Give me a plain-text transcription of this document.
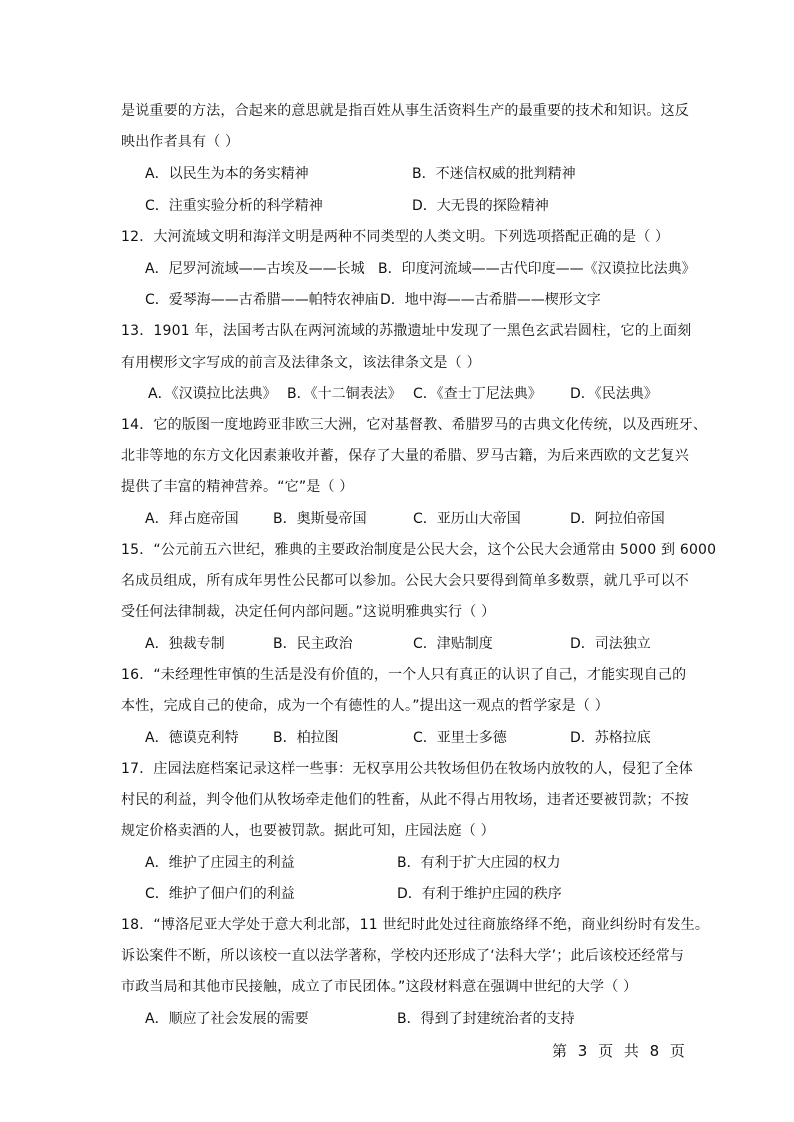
是说重要的方法，合起来的意思就是指百姓从事生活资料生产的最重要的技术和知识。这反
映出作者具有（ ）
A．以民生为本的务实精神	B．不迷信权威的批判精神
C．注重实验分析的科学精神	D．大无畏的探险精神
12．大河流域文明和海洋文明是两种不同类型的人类文明。下列选项搭配正确的是（ ）
A．尼罗河流域——古埃及——长城 B．印度河流域——古代印度——《汉谟拉比法典》
C．爱琴海——古希腊——帕特农神庙 D．地中海——古希腊——楔形文字
13．1901 年，法国考古队在两河流域的苏撒遗址中发现了一黑色玄武岩圆柱，它的上面刻
有用楔形文字写成的前言及法律条文，该法律条文是（ ）
A．《汉谟拉比法典》 B．《十二铜表法》 C．《查士丁尼法典》 D．《民法典》
14．它的版图一度地跨亚非欧三大洲，它对基督教、希腊罗马的古典文化传统，以及西班牙、
北非等地的东方文化因素兼收并蓄，保存了大量的希腊、罗马古籍，为后来西欧的文艺复兴
提供了丰富的精神营养。“它”是（ ）
A．拜占庭帝国 B．奥斯曼帝国	C．亚历山大帝国	D．阿拉伯帝国
15．“公元前五六世纪，雅典的主要政治制度是公民大会，这个公民大会通常由 5000 到 6000
名成员组成，所有成年男性公民都可以参加。公民大会只要得到简单多数票，就几乎可以不
受任何法律制裁，决定任何内部问题。”这说明雅典实行（ ）
A．独裁专制	B．民主政治	C．津贴制度	D．司法独立
16．“未经理性审慎的生活是没有价值的，一个人只有真正的认识了自己，才能实现自己的
本性，完成自己的使命，成为一个有德性的人。”提出这一观点的哲学家是（ ）
A．德谟克利特 B．柏拉图	C．亚里士多德	D．苏格拉底
17．庄园法庭档案记录这样一些事：无权享用公共牧场但仍在牧场内放牧的人，侵犯了全体
村民的利益，判令他们从牧场牵走他们的牲畜，从此不得占用牧场，违者还要被罚款；不按
规定价格卖酒的人，也要被罚款。据此可知，庄园法庭（ ）
A．维护了庄园主的利益	B．有利于扩大庄园的权力
C．维护了佃户们的利益	D．有利于维护庄园的秩序
18．“博洛尼亚大学处于意大利北部，11 世纪时此处过往商旅络绎不绝，商业纠纷时有发生。
诉讼案件不断，所以该校一直以法学著称，学校内还形成了‘法科大学’；此后该校还经常与
市政当局和其他市民接触，成立了市民团体。”这段材料意在强调中世纪的大学（ ）
A．顺应了社会发展的需要	B．得到了封建统治者的支持
第 3 页 共 8 页
